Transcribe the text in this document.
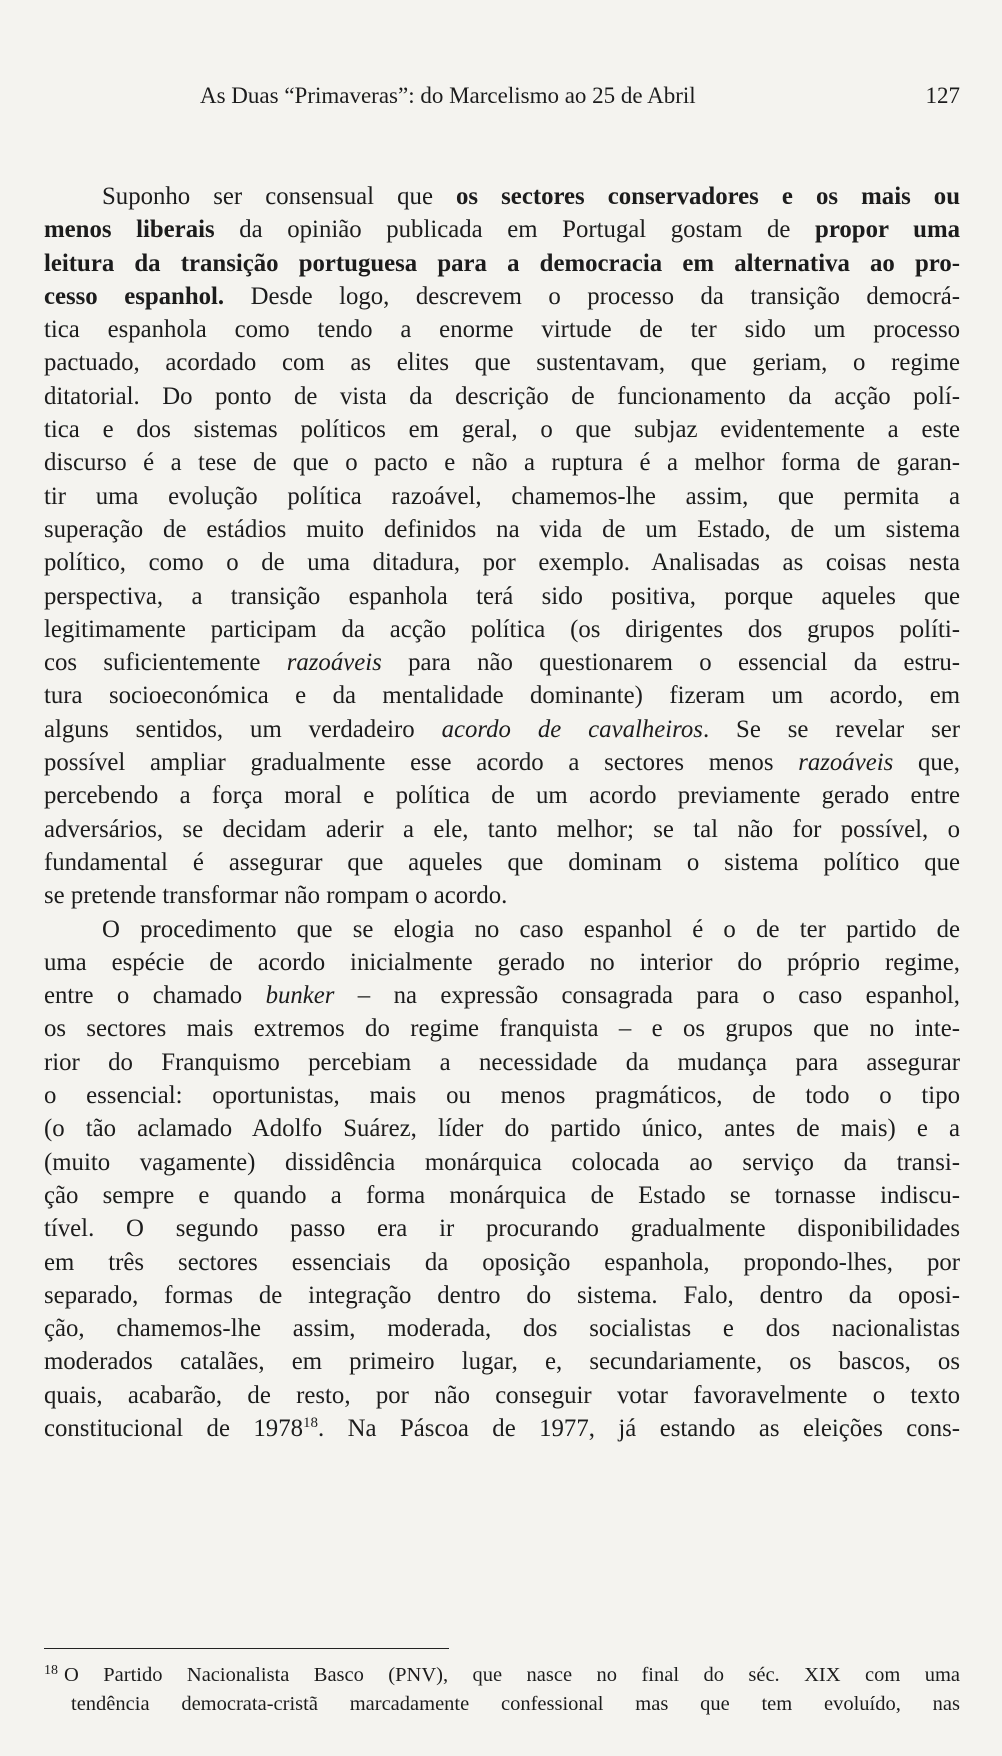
As Duas “Primaveras”: do Marcelismo ao 25 de Abril	127
Suponho ser consensual que os sectores conservadores e os mais ou
menos liberais da opinião publicada em Portugal gostam de propor uma
leitura da transição portuguesa para a democracia em alternativa ao pro-
cesso espanhol. Desde logo, descrevem o processo da transição democrá-
tica espanhola como tendo a enorme virtude de ter sido um processo
pactuado, acordado com as elites que sustentavam, que geriam, o regime
ditatorial. Do ponto de vista da descrição de funcionamento da acção polí-
tica e dos sistemas políticos em geral, o que subjaz evidentemente a este
discurso é a tese de que o pacto e não a ruptura é a melhor forma de garan-
tir uma evolução política razoável, chamemos-lhe assim, que permita a
superação de estádios muito definidos na vida de um Estado, de um sistema
político, como o de uma ditadura, por exemplo. Analisadas as coisas nesta
perspectiva, a transição espanhola terá sido positiva, porque aqueles que
legitimamente participam da acção política (os dirigentes dos grupos políti-
cos suficientemente razoáveis para não questionarem o essencial da estru-
tura socioeconómica e da mentalidade dominante) fizeram um acordo, em
alguns sentidos, um verdadeiro acordo de cavalheiros. Se se revelar ser
possível ampliar gradualmente esse acordo a sectores menos razoáveis que,
percebendo a força moral e política de um acordo previamente gerado entre
adversários, se decidam aderir a ele, tanto melhor; se tal não for possível, o
fundamental é assegurar que aqueles que dominam o sistema político que
se pretende transformar não rompam o acordo.
O procedimento que se elogia no caso espanhol é o de ter partido de
uma espécie de acordo inicialmente gerado no interior do próprio regime,
entre o chamado bunker – na expressão consagrada para o caso espanhol,
os sectores mais extremos do regime franquista – e os grupos que no inte-
rior do Franquismo percebiam a necessidade da mudança para assegurar
o essencial: oportunistas, mais ou menos pragmáticos, de todo o tipo
(o tão aclamado Adolfo Suárez, líder do partido único, antes de mais) e a
(muito vagamente) dissidência monárquica colocada ao serviço da transi-
ção sempre e quando a forma monárquica de Estado se tornasse indiscu-
tível. O segundo passo era ir procurando gradualmente disponibilidades
em três sectores essenciais da oposição espanhola, propondo-lhes, por
separado, formas de integração dentro do sistema. Falo, dentro da oposi-
ção, chamemos-lhe assim, moderada, dos socialistas e dos nacionalistas
moderados catalães, em primeiro lugar, e, secundariamente, os bascos, os
quais, acabarão, de resto, por não conseguir votar favoravelmente o texto
constitucional de 1978$^{18}$. Na Páscoa de 1977, já estando as eleições cons-
$^{18}$ O Partido Nacionalista Basco (PNV), que nasce no final do séc. XIX com uma
tendência democrata-cristã marcadamente confessional mas que tem evoluído, nas
